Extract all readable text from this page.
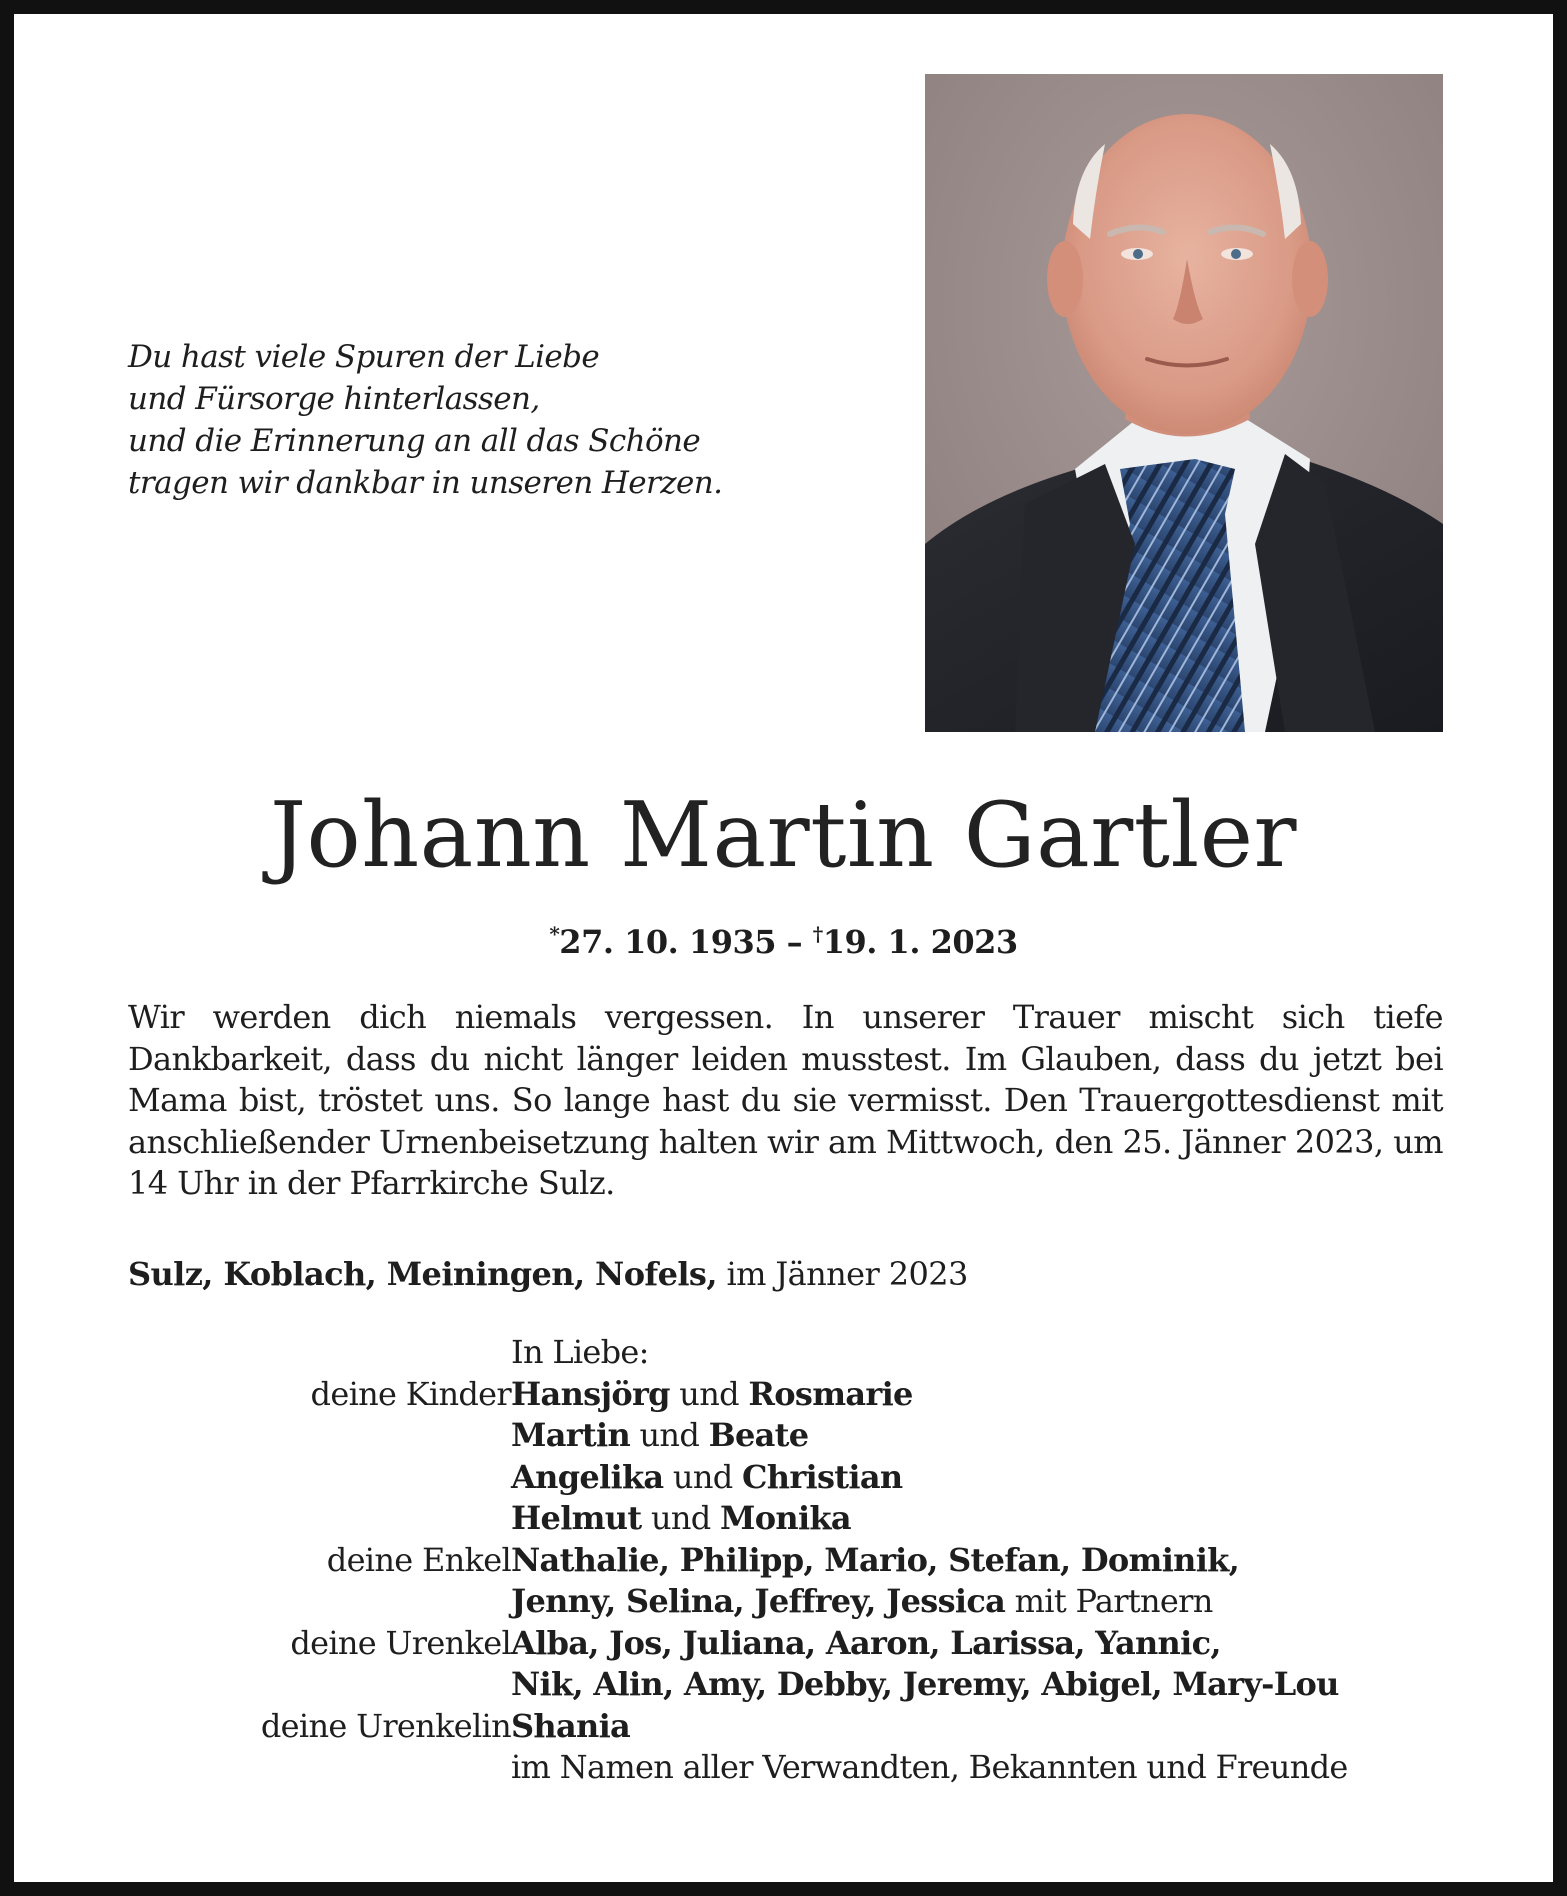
Du hast viele Spuren der Liebe
und Fürsorge hinterlassen,
und die Erinnerung an all das Schöne
tragen wir dankbar in unseren Herzen.
Johann Martin Gartler
*27. 10. 1935 – †19. 1. 2023
Wir werden dich niemals vergessen. In unserer Trauer mischt sich tiefe Dankbarkeit, dass du nicht länger leiden musstest. Im Glauben, dass du jetzt bei Mama bist, tröstet uns. So lange hast du sie vermisst. Den Trauergottesdienst mit anschließender Urnenbeisetzung halten wir am Mittwoch, den 25. Jänner 2023, um 14 Uhr in der Pfarrkirche Sulz.
Sulz, Koblach, Meiningen, Nofels, im Jänner 2023
In Liebe:
deine Kinder Hansjörg und Rosmarie
Martin und Beate
Angelika und Christian
Helmut und Monika
deine Enkel Nathalie, Philipp, Mario, Stefan, Dominik,
Jenny, Selina, Jeffrey, Jessica mit Partnern
deine Urenkel Alba, Jos, Juliana, Aaron, Larissa, Yannic,
Nik, Alin, Amy, Debby, Jeremy, Abigel, Mary-Lou
deine Urenkelin Shania
im Namen aller Verwandten, Bekannten und Freunde
